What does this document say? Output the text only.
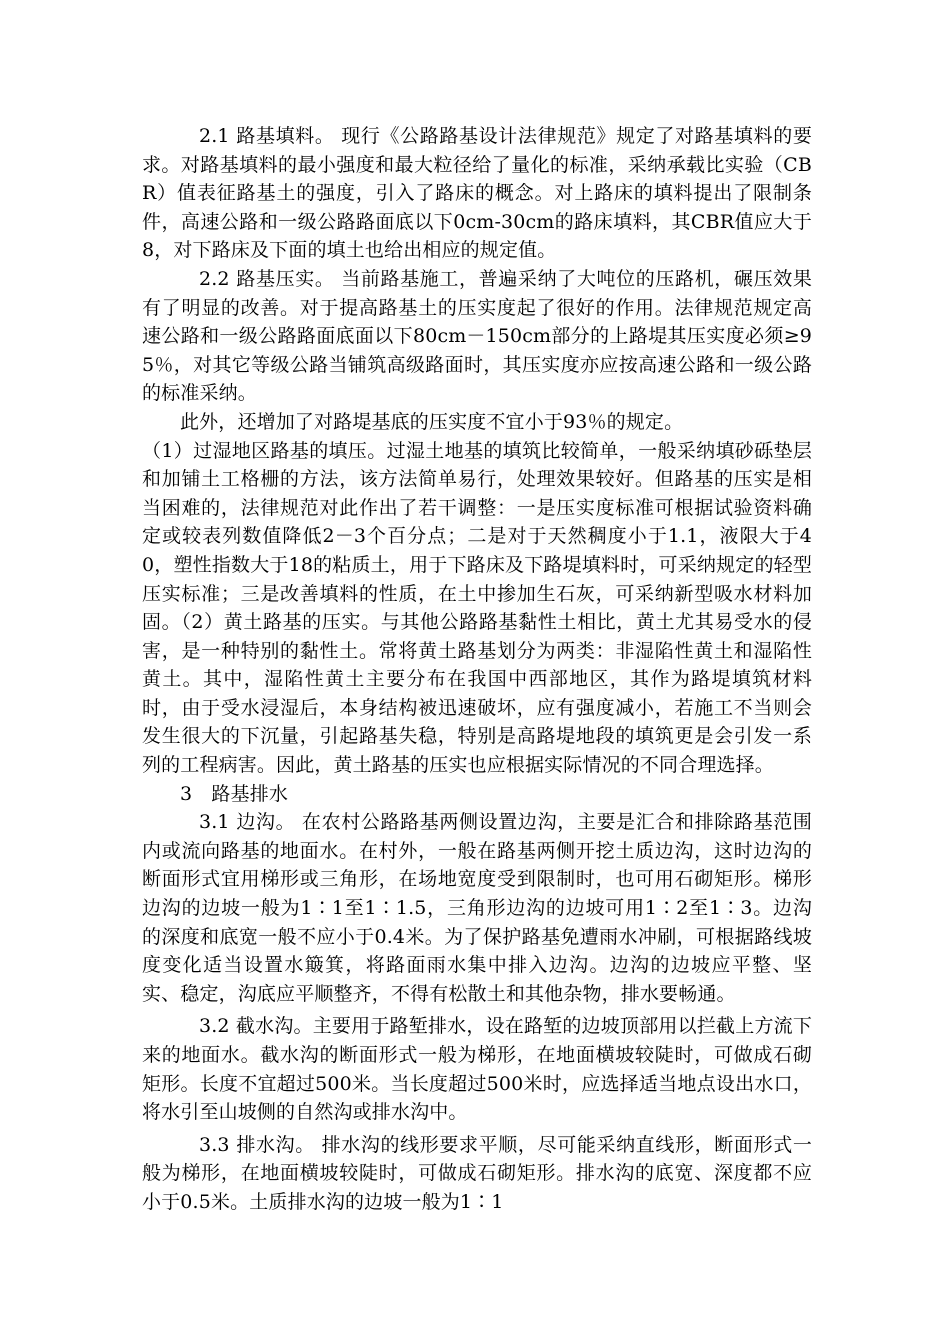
2.1 路基填料。 现行《公路路基设计法律规范》规定了对路基填料的要求。对路基填料的最小强度和最大粒径给了量化的标准，采纳承载比实验（CBR）值表征路基土的强度，引入了路床的概念。对上路床的填料提出了限制条件，高速公路和一级公路路面底以下0cm-30cm的路床填料，其CBR值应大于8，对下路床及下面的填土也给出相应的规定值。

2.2 路基压实。 当前路基施工，普遍采纳了大吨位的压路机，碾压效果有了明显的改善。对于提高路基土的压实度起了很好的作用。法律规范规定高速公路和一级公路路面底面以下80cm－150cm部分的上路堤其压实度必须≥95％，对其它等级公路当铺筑高级路面时，其压实度亦应按高速公路和一级公路的标准采纳。

此外，还增加了对路堤基底的压实度不宜小于93％的规定。

（1）过湿地区路基的填压。过湿土地基的填筑比较简单，一般采纳填砂砾垫层和加铺土工格栅的方法，该方法简单易行，处理效果较好。但路基的压实是相当困难的，法律规范对此作出了若干调整：一是压实度标准可根据试验资料确定或较表列数值降低2－3个百分点；二是对于天然稠度小于1.1，液限大于40，塑性指数大于18的粘质土，用于下路床及下路堤填料时，可采纳规定的轻型压实标准；三是改善填料的性质，在土中掺加生石灰，可采纳新型吸水材料加固。（2）黄土路基的压实。与其他公路路基黏性土相比，黄土尤其易受水的侵害，是一种特别的黏性土。常将黄土路基划分为两类：非湿陷性黄土和湿陷性黄土。其中，湿陷性黄土主要分布在我国中西部地区，其作为路堤填筑材料时，由于受水浸湿后，本身结构被迅速破坏，应有强度减小，若施工不当则会发生很大的下沉量，引起路基失稳，特别是高路堤地段的填筑更是会引发一系列的工程病害。因此，黄土路基的压实也应根据实际情况的不同合理选择。

3　路基排水

3.1 边沟。 在农村公路路基两侧设置边沟，主要是汇合和排除路基范围内或流向路基的地面水。在村外，一般在路基两侧开挖土质边沟，这时边沟的断面形式宜用梯形或三角形，在场地宽度受到限制时，也可用石砌矩形。梯形边沟的边坡一般为1∶1至1∶1.5，三角形边沟的边坡可用1∶2至1∶3。边沟的深度和底宽一般不应小于0.4米。为了保护路基免遭雨水冲刷，可根据路线坡度变化适当设置水簸箕，将路面雨水集中排入边沟。边沟的边坡应平整、坚实、稳定，沟底应平顺整齐，不得有松散土和其他杂物，排水要畅通。

3.2 截水沟。主要用于路堑排水，设在路堑的边坡顶部用以拦截上方流下来的地面水。截水沟的断面形式一般为梯形，在地面横坡较陡时，可做成石砌矩形。长度不宜超过500米。当长度超过500米时，应选择适当地点设出水口，将水引至山坡侧的自然沟或排水沟中。

3.3 排水沟。 排水沟的线形要求平顺，尽可能采纳直线形，断面形式一般为梯形，在地面横坡较陡时，可做成石砌矩形。排水沟的底宽、深度都不应小于0.5米。土质排水沟的边坡一般为1∶1
